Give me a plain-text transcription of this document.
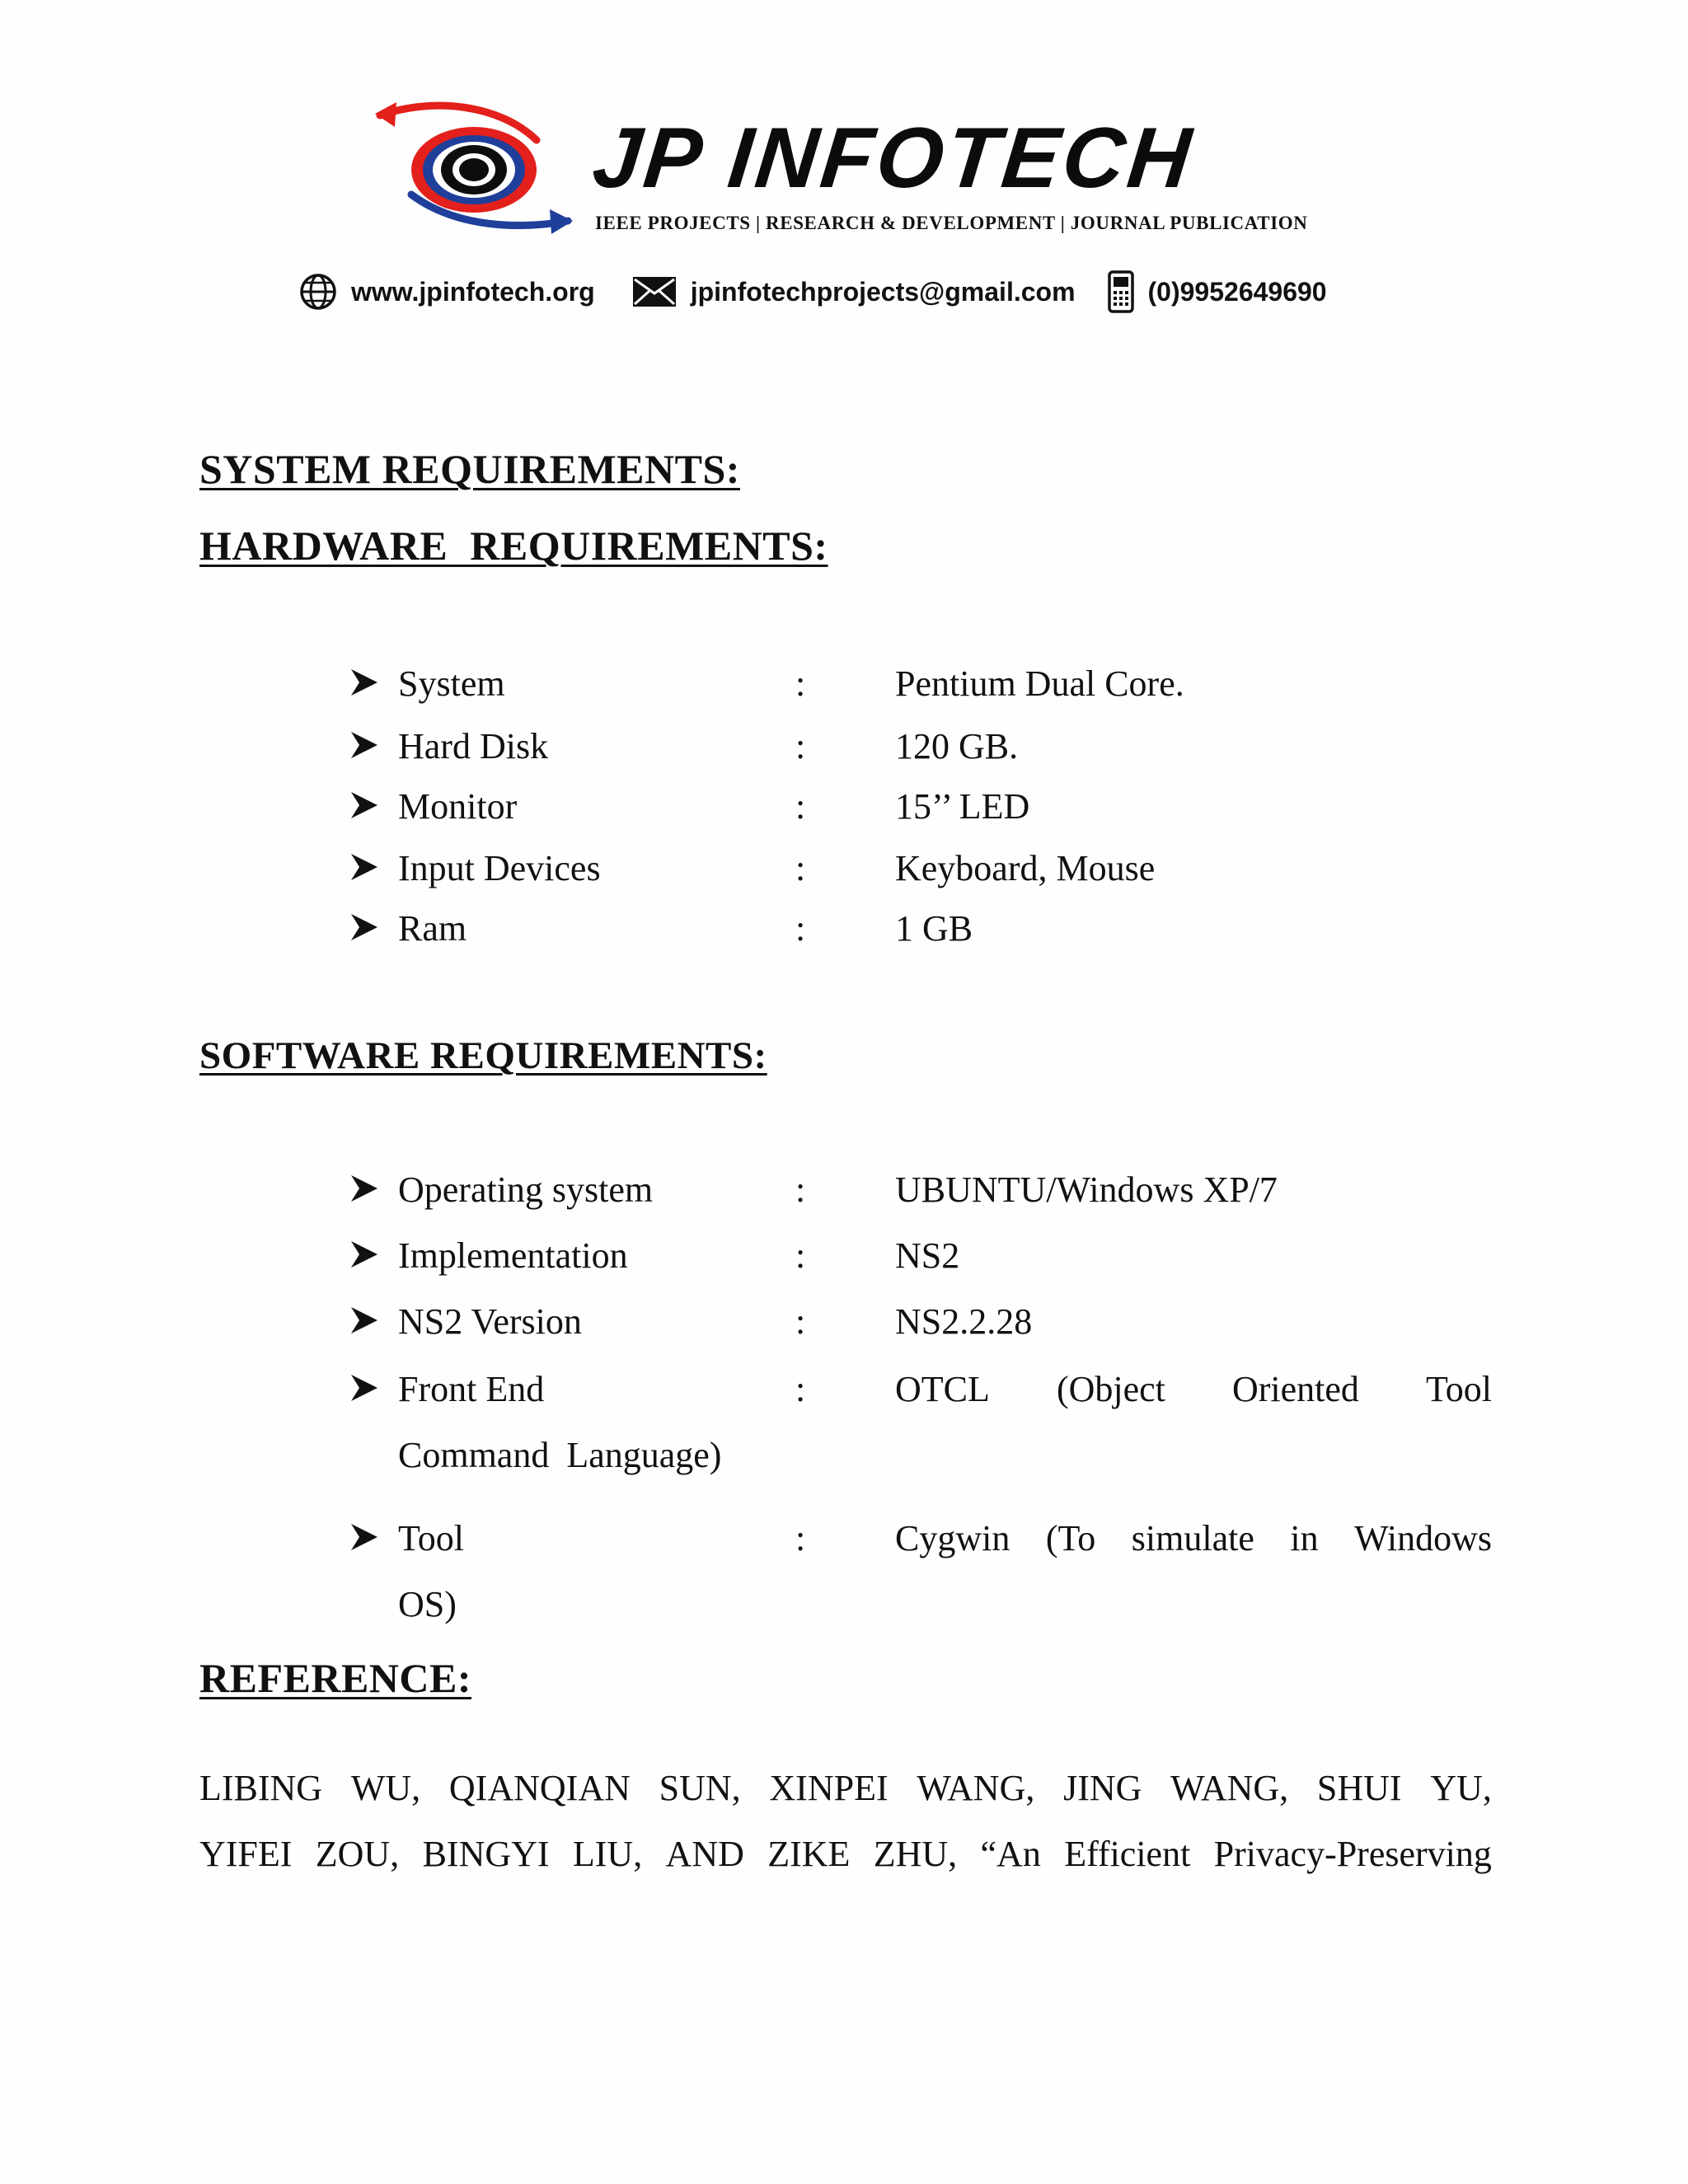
JP INFOTECH
IEEE PROJECTS | RESEARCH & DEVELOPMENT | JOURNAL PUBLICATION
www.jpinfotech.org	jpinfotechprojects@gmail.com	(0)9952649690
SYSTEM REQUIREMENTS:
HARDWARE REQUIREMENTS:
System	: Pentium Dual Core.
Hard Disk	: 120 GB.
Monitor	: 15’’ LED
Input Devices	: Keyboard, Mouse
Ram	: 1 GB
SOFTWARE REQUIREMENTS:
Operating system	: UBUNTU/Windows XP/7
Implementation	: NS2
NS2 Version	: NS2.2.28
Front End	: OTCL (Object Oriented Tool
Command Language)
Tool	: Cygwin (To simulate in Windows
OS)
REFERENCE:
LIBING WU, QIANQIAN SUN, XINPEI WANG, JING WANG, SHUI YU,
YIFEI ZOU, BINGYI LIU, AND ZIKE ZHU, “An Efficient Privacy-Preserving
